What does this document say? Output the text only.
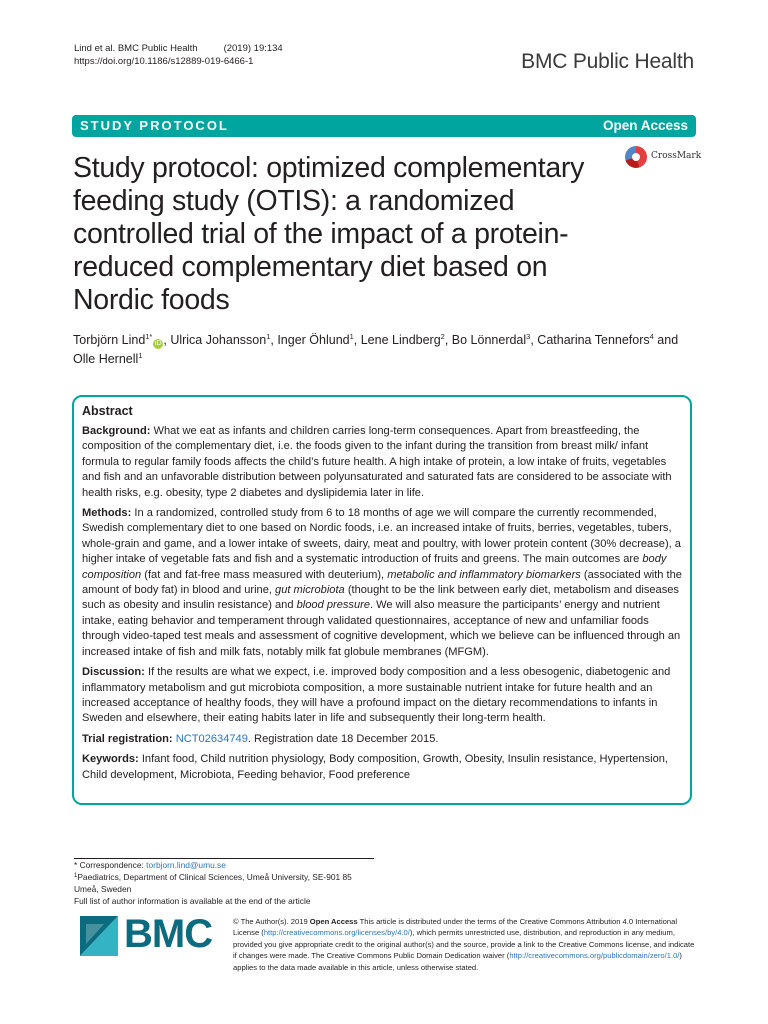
Lind et al. BMC Public Health	(2019) 19:134
https://doi.org/10.1186/s12889-019-6466-1	BMC Public Health
STUDY PROTOCOL	Open Access
Study protocol: optimized complementary feeding study (OTIS): a randomized controlled trial of the impact of a protein-reduced complementary diet based on Nordic foods
CrossMark
Torbjörn Lind$^{1*}$iD , Ulrica Johansson$^1$, Inger Öhlund$^1$, Lene Lindberg$^2$, Bo Lönnerdal$^3$, Catharina Tennefors$^4$ and
Olle Hernell$^1$
Abstract

Background: What we eat as infants and children carries long-term consequences. Apart from breastfeeding, the composition of the complementary diet, i.e. the foods given to the infant during the transition from breast milk/ infant formula to regular family foods affects the child’s future health. A high intake of protein, a low intake of fruits, vegetables and fish and an unfavorable distribution between polyunsaturated and saturated fats are considered to be associate with health risks, e.g. obesity, type 2 diabetes and dyslipidemia later in life.

Methods: In a randomized, controlled study from 6 to 18 months of age we will compare the currently recommended, Swedish complementary diet to one based on Nordic foods, i.e. an increased intake of fruits, berries, vegetables, tubers, whole-grain and game, and a lower intake of sweets, dairy, meat and poultry, with lower protein content (30% decrease), a higher intake of vegetable fats and fish and a systematic introduction of fruits and greens. The main outcomes are body composition (fat and fat-free mass measured with deuterium), metabolic and inflammatory biomarkers (associated with the amount of body fat) in blood and urine, gut microbiota (thought to be the link between early diet, metabolism and diseases such as obesity and insulin resistance) and blood pressure. We will also measure the participants’ energy and nutrient intake, eating behavior and temperament through validated questionnaires, acceptance of new and unfamiliar foods through video-taped test meals and assessment of cognitive development, which we believe can be influenced through an increased intake of fish and milk fats, notably milk fat globule membranes (MFGM).

Discussion: If the results are what we expect, i.e. improved body composition and a less obesogenic, diabetogenic and inflammatory metabolism and gut microbiota composition, a more sustainable nutrient intake for future health and an increased acceptance of healthy foods, they will have a profound impact on the dietary recommendations to infants in Sweden and elsewhere, their eating habits later in life and subsequently their long-term health.

Trial registration: NCT02634749. Registration date 18 December 2015.

Keywords: Infant food, Child nutrition physiology, Body composition, Growth, Obesity, Insulin resistance, Hypertension, Child development, Microbiota, Feeding behavior, Food preference

* Correspondence: torbjorn.lind@umu.se
$^1$Paediatrics, Department of Clinical Sciences, Umeå University, SE-901 85
Umeå, Sweden
Full list of author information is available at the end of the article
BMC	© The Author(s). 2019 Open Access This article is distributed under the terms of the Creative Commons Attribution 4.0 International License (http://creativecommons.org/licenses/by/4.0/), which permits unrestricted use, distribution, and reproduction in any medium, provided you give appropriate credit to the original author(s) and the source, provide a link to the Creative Commons license, and indicate if changes were made. The Creative Commons Public Domain Dedication waiver (http://creativecommons.org/publicdomain/zero/1.0/) applies to the data made available in this article, unless otherwise stated.
